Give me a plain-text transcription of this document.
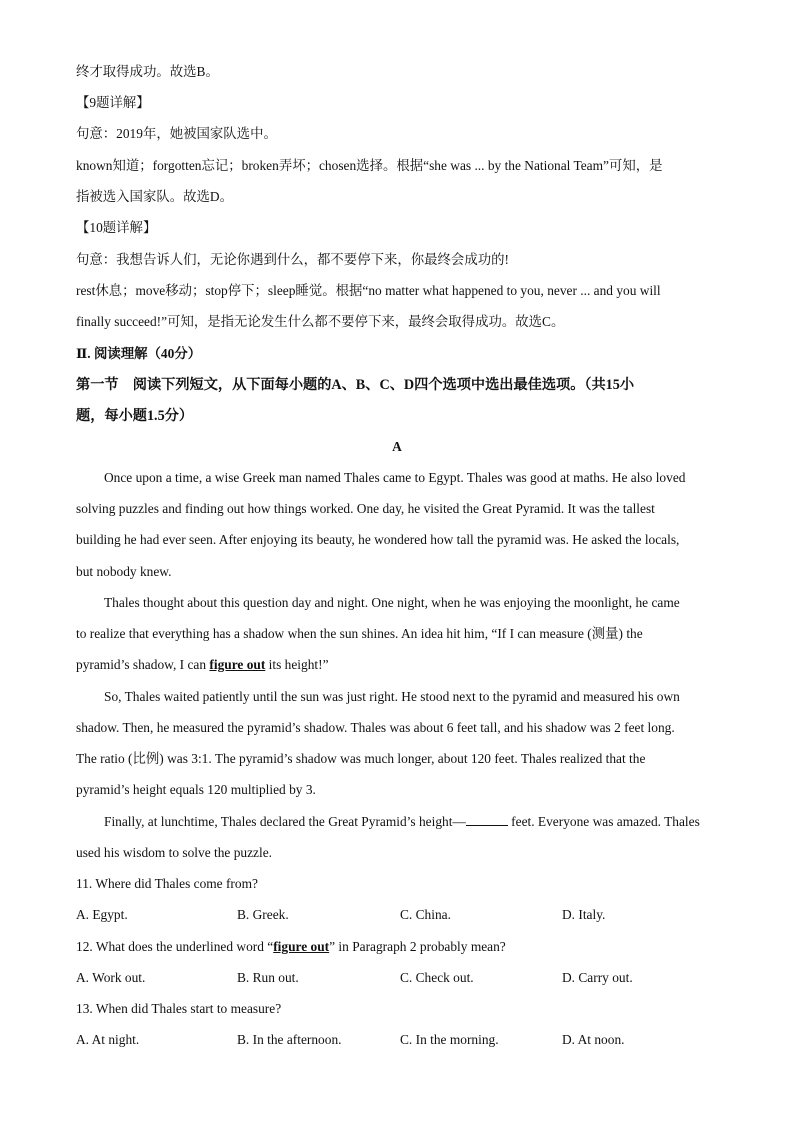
终才取得成功。故选B。
【9题详解】
句意：2019年，她被国家队选中。
known知道；forgotten忘记；broken弄坏；chosen选择。根据“she was ... by the National Team”可知，是
指被选入国家队。故选D。
【10题详解】
句意：我想告诉人们，无论你遇到什么，都不要停下来，你最终会成功的!
rest休息；move移动；stop停下；sleep睡觉。根据“no matter what happened to you, never ... and you will
finally succeed!”可知，是指无论发生什么都不要停下来，最终会取得成功。故选C。
Ⅱ. 阅读理解（40分）
第一节　阅读下列短文，从下面每小题的A、B、C、D四个选项中选出最佳选项。（共15小
题，每小题1.5分）
A
Once upon a time, a wise Greek man named Thales came to Egypt. Thales was good at maths. He also loved
solving puzzles and finding out how things worked. One day, he visited the Great Pyramid. It was the tallest
building he had ever seen. After enjoying its beauty, he wondered how tall the pyramid was. He asked the locals,
but nobody knew.
Thales thought about this question day and night. One night, when he was enjoying the moonlight, he came
to realize that everything has a shadow when the sun shines. An idea hit him, “If I can measure (测量) the
pyramid’s shadow, I can figure out its height!”
So, Thales waited patiently until the sun was just right. He stood next to the pyramid and measured his own
shadow. Then, he measured the pyramid’s shadow. Thales was about 6 feet tall, and his shadow was 2 feet long.
The ratio (比例) was 3:1. The pyramid’s shadow was much longer, about 120 feet. Thales realized that the
pyramid’s height equals 120 multiplied by 3.
Finally, at lunchtime, Thales declared the Great Pyramid’s height—	feet. Everyone was amazed. Thales
used his wisdom to solve the puzzle.
11. Where did Thales come from?
A. Egypt.	B. Greek.	C. China.	D. Italy.
12. What does the underlined word “figure out” in Paragraph 2 probably mean?
A. Work out.	B. Run out.	C. Check out.	D. Carry out.
13. When did Thales start to measure?
A. At night.	B. In the afternoon.	C. In the morning.	D. At noon.
